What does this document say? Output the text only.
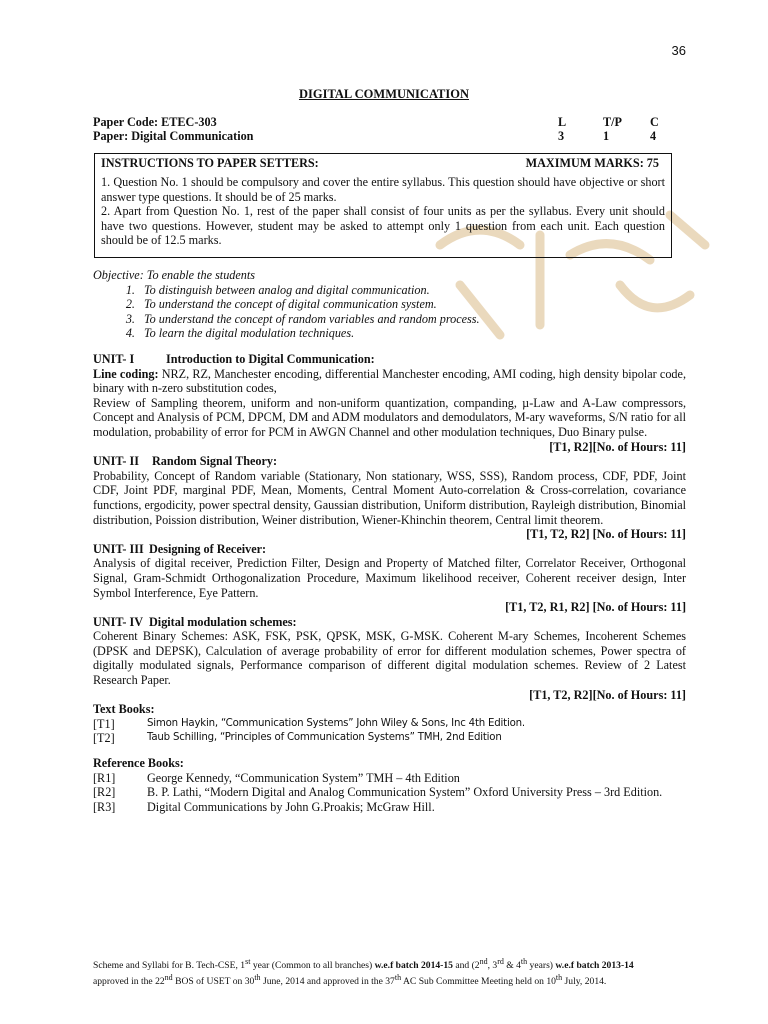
36
DIGITAL COMMUNICATION
Paper Code: ETEC-303	L	T/P C
Paper: Digital Communication	3	1	4
INSTRUCTIONS TO PAPER SETTERS:	MAXIMUM MARKS: 75

1. Question No. 1 should be compulsory and cover the entire syllabus. This question should have objective or short answer type questions. It should be of 25 marks.

2. Apart from Question No. 1, rest of the paper shall consist of four units as per the syllabus. Every unit should have two questions. However, student may be asked to attempt only 1 question from each unit. Each question should be of 12.5 marks.

Objective: To enable the students
1. To distinguish between analog and digital communication.
2. To understand the concept of digital communication system.
3. To understand the concept of random variables and random process.
4. To learn the digital modulation techniques.
UNIT- I	Introduction to Digital Communication:

Line coding: NRZ, RZ, Manchester encoding, differential Manchester encoding, AMI coding, high density bipolar code, binary with n-zero substitution codes,

Review of Sampling theorem, uniform and non-uniform quantization, companding, µ-Law and A-Law compressors, Concept and Analysis of PCM, DPCM, DM and ADM modulators and demodulators, M-ary waveforms, S/N ratio for all modulation, probability of error for PCM in AWGN Channel and other modulation techniques, Duo Binary pulse.

[T1, R2][No. of Hours: 11]
UNIT- II Random Signal Theory:

Probability, Concept of Random variable (Stationary, Non stationary, WSS, SSS), Random process, CDF, PDF, Joint CDF, Joint PDF, marginal PDF, Mean, Moments, Central Moment Auto-correlation & Cross-correlation, covariance functions, ergodicity, power spectral density, Gaussian distribution, Uniform distribution, Rayleigh distribution, Binomial distribution, Poission distribution, Weiner distribution, Wiener-Khinchin theorem, Central limit theorem.

[T1, T2, R2] [No. of Hours: 11]
UNIT- III Designing of Receiver:

Analysis of digital receiver, Prediction Filter, Design and Property of Matched filter, Correlator Receiver, Orthogonal Signal, Gram-Schmidt Orthogonalization Procedure, Maximum likelihood receiver, Coherent receiver design, Inter Symbol Interference, Eye Pattern.

[T1, T2, R1, R2] [No. of Hours: 11]
UNIT- IV Digital modulation schemes:

Coherent Binary Schemes: ASK, FSK, PSK, QPSK, MSK, G-MSK. Coherent M-ary Schemes, Incoherent Schemes (DPSK and DEPSK), Calculation of average probability of error for different modulation schemes, Power spectra of digitally modulated signals, Performance comparison of different digital modulation schemes. Review of 2 Latest Research Paper.

[T1, T2, R2][No. of Hours: 11]
Text Books:
[T1]	Simon Haykin, “Communication Systems” John Wiley & Sons, Inc 4th Edition.
[T2]	Taub Schilling, “Principles of Communication Systems” TMH, 2nd Edition
Reference Books:
[R1]	George Kennedy, “Communication System” TMH – 4th Edition
[R2]	B. P. Lathi, “Modern Digital and Analog Communication System” Oxford University Press – 3rd Edition.
[R3]	Digital Communications by John G.Proakis; McGraw Hill.
Scheme and Syllabi for B. Tech-CSE, 1st year (Common to all branches) w.e.f batch 2014-15 and (2nd, 3rd & 4th years) w.e.f batch 2013-14
approved in the 22nd BOS of USET on 30th June, 2014 and approved in the 37th AC Sub Committee Meeting held on 10th July, 2014.
